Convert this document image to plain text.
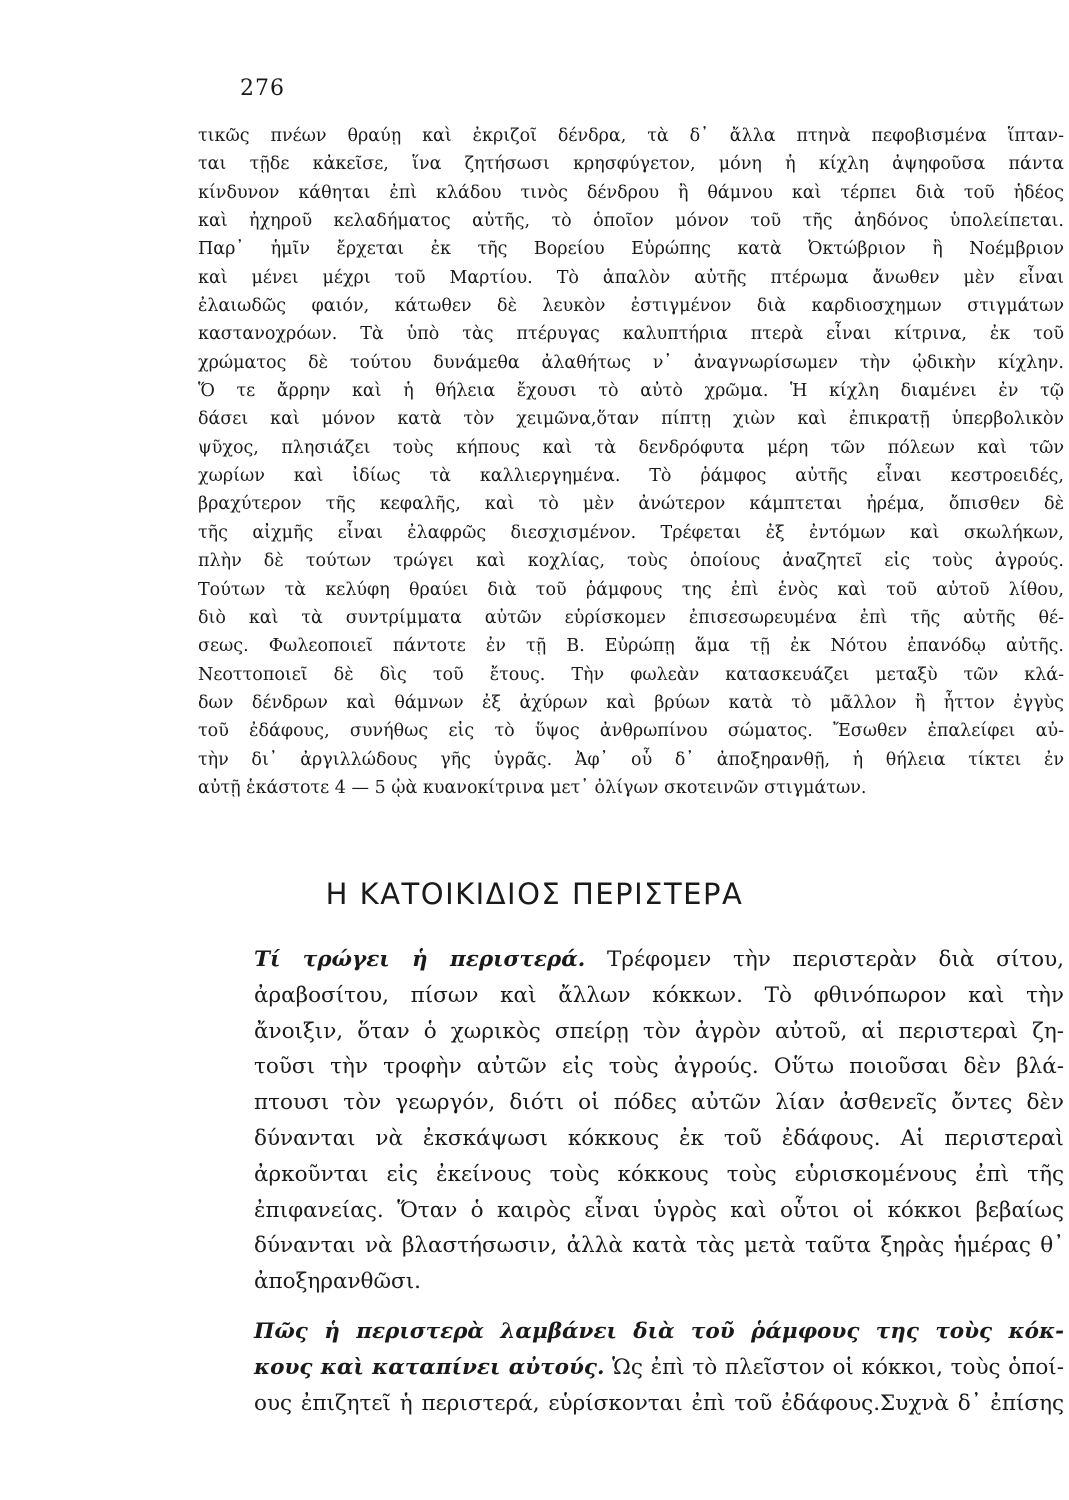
276
τικῶς πνέων θραύῃ καὶ ἐκριζοῖ δένδρα, τὰ δ᾽ ἄλλα πτηνὰ πεφοβισμένα ἵπταν-
ται τῇδε κἀκεῖσε, ἵνα ζητήσωσι κρησφύγετον, μόνη ἡ κίχλη ἀψηφοῦσα πάντα
κίνδυνον κάθηται ἐπὶ κλάδου τινὸς δένδρου ἢ θάμνου καὶ τέρπει διὰ τοῦ ἡδέος
καὶ ἠχηροῦ κελαδήματος αὐτῆς, τὸ ὁποῖον μόνον τοῦ τῆς ἀηδόνος ὑπολείπεται.
Παρ᾽ ἡμῖν ἔρχεται ἐκ τῆς Βορείου Εὐρώπης κατὰ Ὀκτώβριον ἢ Νοέμβριον
καὶ μένει μέχρι τοῦ Μαρτίου. Τὸ ἁπαλὸν αὐτῆς πτέρωμα ἄνωθεν μὲν εἶναι
ἐλαιωδῶς φαιόν, κάτωθεν δὲ λευκὸν ἐστιγμένον διὰ καρδιοσχημων στιγμάτων
καστανοχρόων. Τὰ ὑπὸ τὰς πτέρυγας καλυπτήρια πτερὰ εἶναι κίτρινα, ἐκ τοῦ
χρώματος δὲ τούτου δυνάμεθα ἀλαθήτως ν᾽ ἀναγνωρίσωμεν τὴν ᾠδικὴν κίχλην.
Ὅ τε ἄρρην καὶ ἡ θήλεια ἔχουσι τὸ αὐτὸ χρῶμα. Ἡ κίχλη διαμένει ἐν τῷ
δάσει καὶ μόνον κατὰ τὸν χειμῶνα,ὅταν πίπτῃ χιὼν καὶ ἐπικρατῇ ὑπερβολικὸν
ψῦχος, πλησιάζει τοὺς κήπους καὶ τὰ δενδρόφυτα μέρη τῶν πόλεων καὶ τῶν
χωρίων καὶ ἰδίως τὰ καλλιεργημένα. Τὸ ῥάμφος αὐτῆς εἶναι κεστροειδές,
βραχύτερον τῆς κεφαλῆς, καὶ τὸ μὲν ἀνώτερον κάμπτεται ἠρέμα, ὄπισθεν δὲ
τῆς αἰχμῆς εἶναι ἐλαφρῶς διεσχισμένον. Τρέφεται ἐξ ἐντόμων καὶ σκωλήκων,
πλὴν δὲ τούτων τρώγει καὶ κοχλίας, τοὺς ὁποίους ἀναζητεῖ εἰς τοὺς ἀγρούς.
Τούτων τὰ κελύφη θραύει διὰ τοῦ ῥάμφους της ἐπὶ ἑνὸς καὶ τοῦ αὐτοῦ λίθου,
διὸ καὶ τὰ συντρίμματα αὐτῶν εὑρίσκομεν ἐπισεσωρευμένα ἐπὶ τῆς αὐτῆς θέ-
σεως. Φωλεοποιεῖ πάντοτε ἐν τῇ Β. Εὐρώπῃ ἅμα τῇ ἐκ Νότου ἐπανόδῳ αὐτῆς.
Νεοττοποιεῖ δὲ δὶς τοῦ ἔτους. Τὴν φωλεὰν κατασκευάζει μεταξὺ τῶν κλά-
δων δένδρων καὶ θάμνων ἐξ ἀχύρων καὶ βρύων κατὰ τὸ μᾶλλον ἢ ἧττον ἐγγὺς
τοῦ ἐδάφους, συνήθως εἰς τὸ ὕψος ἀνθρωπίνου σώματος. Ἔσωθεν ἐπαλείφει αὐ-
τὴν δι᾽ ἀργιλλώδους γῆς ὑγρᾶς. Ἀφ᾽ οὗ δ᾽ ἀποξηρανθῇ, ἡ θήλεια τίκτει ἐν
αὐτῇ ἑκάστοτε 4 — 5 ᾠὰ κυανοκίτρινα μετ᾽ ὀλίγων σκοτεινῶν στιγμάτων.
Η ΚΑΤΟΙΚΙΔΙΟΣ ΠΕΡΙΣΤΕΡΑ
Τί τρώγει ἡ περιστερά. Τρέφομεν τὴν περιστερὰν διὰ σίτου,
ἀραβοσίτου, πίσων καὶ ἄλλων κόκκων. Τὸ φθινόπωρον καὶ τὴν
ἄνοιξιν, ὅταν ὁ χωρικὸς σπείρῃ τὸν ἀγρὸν αὐτοῦ, αἱ περιστεραὶ ζη-
τοῦσι τὴν τροφὴν αὐτῶν εἰς τοὺς ἀγρούς. Οὕτω ποιοῦσαι δὲν βλά-
πτουσι τὸν γεωργόν, διότι οἱ πόδες αὐτῶν λίαν ἀσθενεῖς ὄντες δὲν
δύνανται νὰ ἐκσκάψωσι κόκκους ἐκ τοῦ ἐδάφους. Αἱ περιστεραὶ
ἀρκοῦνται εἰς ἐκείνους τοὺς κόκκους τοὺς εὑρισκομένους ἐπὶ τῆς
ἐπιφανείας. Ὅταν ὁ καιρὸς εἶναι ὑγρὸς καὶ οὗτοι οἱ κόκκοι βεβαίως
δύνανται νὰ βλαστήσωσιν, ἀλλὰ κατὰ τὰς μετὰ ταῦτα ξηρὰς ἡμέρας θ᾽
ἀποξηρανθῶσι.
Πῶς ἡ περιστερὰ λαμβάνει διὰ τοῦ ῥάμφους της τοὺς κόκ-
κους καὶ καταπίνει αὐτούς. Ὡς ἐπὶ τὸ πλεῖστον οἱ κόκκοι, τοὺς ὁποί-
ους ἐπιζητεῖ ἡ περιστερά, εὑρίσκονται ἐπὶ τοῦ ἐδάφους.Συχνὰ δ᾽ ἐπίσης
